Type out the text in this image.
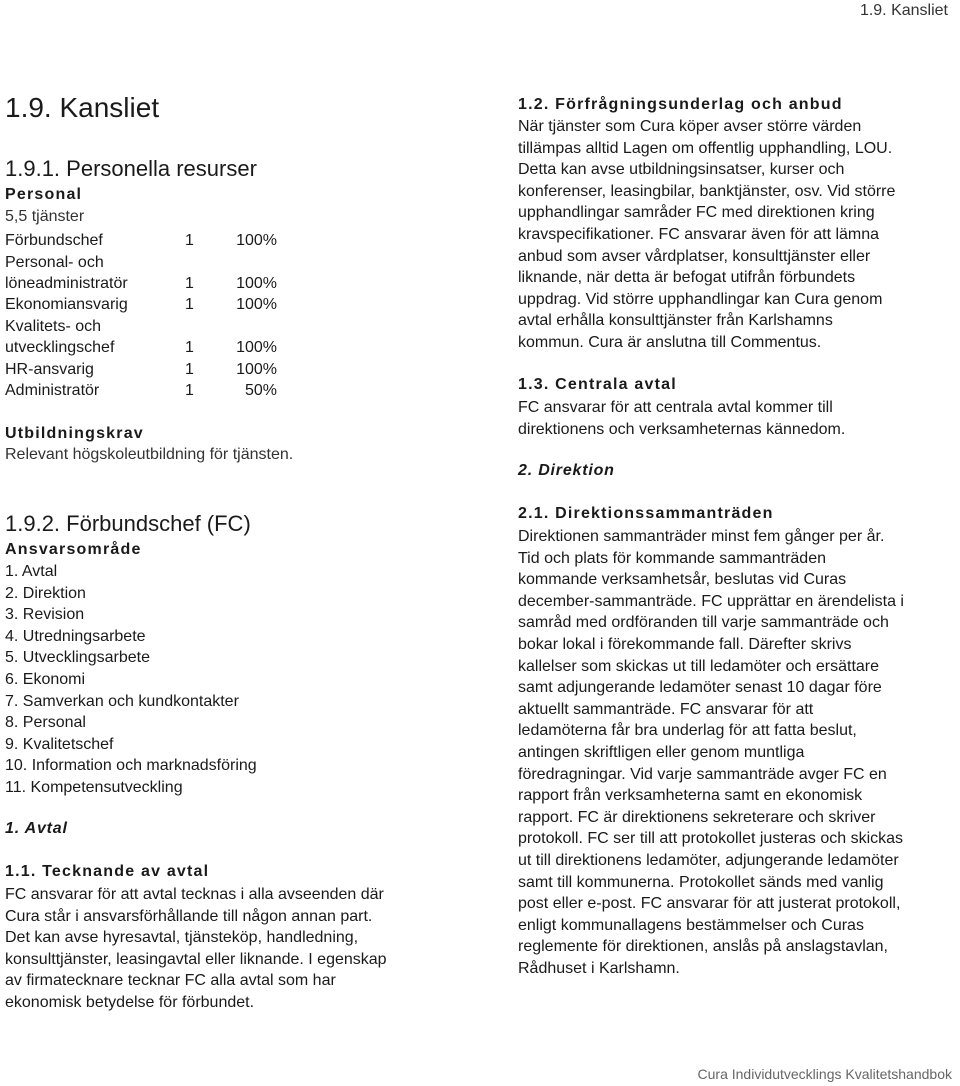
1.9. Kansliet
1.9. Kansliet
1.9.1. Personella resurser
Personal
5,5 tjänster
Förbundschef	1	100%
Personal- och
löneadministratör	1	100%
Ekonomiansvarig	1	100%
Kvalitets- och
utvecklingschef	1	100%
HR-ansvarig	1	100%
Administratör	1	50%
Utbildningskrav
Relevant högskoleutbildning för tjänsten.
1.9.2. Förbundschef (FC)
Ansvarsområde
1. Avtal
2. Direktion
3. Revision
4. Utredningsarbete
5. Utvecklingsarbete
6. Ekonomi
7. Samverkan och kundkontakter
8. Personal
9. Kvalitetschef
10. Information och marknadsföring
11. Kompetensutveckling
1. Avtal
1.1. Tecknande av avtal
FC ansvarar för att avtal tecknas i alla avseenden där
Cura står i ansvarsförhållande till någon annan part.
Det kan avse hyresavtal, tjänsteköp, handledning,
konsulttjänster, leasingavtal eller liknande. I egenskap
av firmatecknare tecknar FC alla avtal som har
ekonomisk betydelse för förbundet.
1.2. Förfrågningsunderlag och anbud
När tjänster som Cura köper avser större värden
tillämpas alltid Lagen om offentlig upphandling, LOU.
Detta kan avse utbildningsinsatser, kurser och
konferenser, leasingbilar, banktjänster, osv. Vid större
upphandlingar samråder FC med direktionen kring
kravspecifikationer. FC ansvarar även för att lämna
anbud som avser vårdplatser, konsulttjänster eller
liknande, när detta är befogat utifrån förbundets
uppdrag. Vid större upphandlingar kan Cura genom
avtal erhålla konsulttjänster från Karlshamns
kommun. Cura är anslutna till Commentus.
1.3. Centrala avtal
FC ansvarar för att centrala avtal kommer till
direktionens och verksamheternas kännedom.
2. Direktion
2.1. Direktionssammanträden
Direktionen sammanträder minst fem gånger per år.
Tid och plats för kommande sammanträden
kommande verksamhetsår, beslutas vid Curas
december-sammanträde. FC upprättar en ärendelista i
samråd med ordföranden till varje sammanträde och
bokar lokal i förekommande fall. Därefter skrivs
kallelser som skickas ut till ledamöter och ersättare
samt adjungerande ledamöter senast 10 dagar före
aktuellt sammanträde. FC ansvarar för att
ledamöterna får bra underlag för att fatta beslut,
antingen skriftligen eller genom muntliga
föredragningar. Vid varje sammanträde avger FC en
rapport från verksamheterna samt en ekonomisk
rapport. FC är direktionens sekreterare och skriver
protokoll. FC ser till att protokollet justeras och skickas
ut till direktionens ledamöter, adjungerande ledamöter
samt till kommunerna. Protokollet sänds med vanlig
post eller e-post. FC ansvarar för att justerat protokoll,
enligt kommunallagens bestämmelser och Curas
reglemente för direktionen, anslås på anslagstavlan,
Rådhuset i Karlshamn.
Cura Individutvecklings Kvalitetshandbok
